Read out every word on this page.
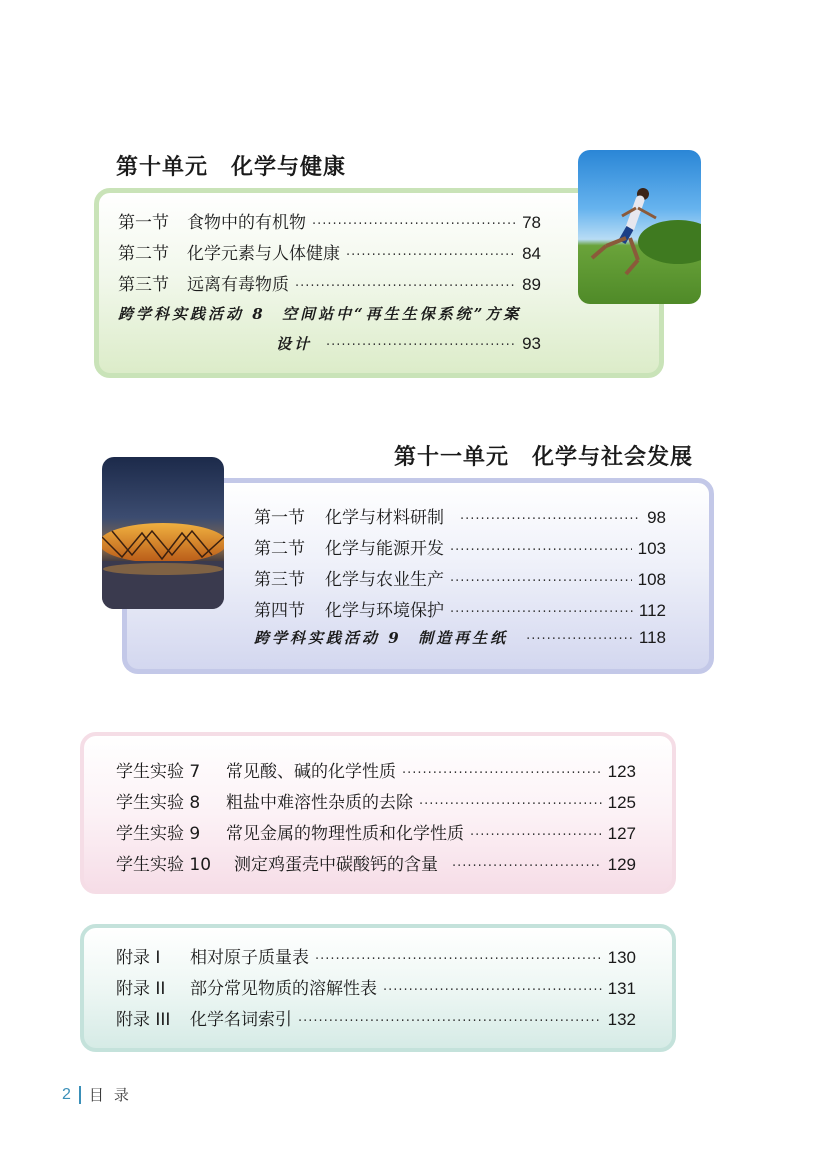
第十单元　化学与健康
第一节 食物中的有机物 ·····	78
第二节 化学元素与人体健康 ·····	84
第三节 远离有毒物质 ·····	89
跨学科实践活动 8  空间站中“再生生保系统”方案
设计 ·····	93
第十一单元　化学与社会发展
第一节 化学与材料研制 ·····	98
第二节 化学与能源开发 ·····	103
第三节 化学与农业生产 ·····	108
第四节 化学与环境保护 ·····	112
跨学科实践活动 9  制造再生纸 ·····	118
学生实验 7	常见酸、碱的化学性质 ·····	123
学生实验 8	粗盐中难溶性杂质的去除 ·····	125
学生实验 9	常见金属的物理性质和化学性质 ·····	127
学生实验 10	测定鸡蛋壳中碳酸钙的含量 ·····	129
附录 I	相对原子质量表 ·····	130
附录 II	部分常见物质的溶解性表 ·····	131
附录 III	化学名词索引 ·····	132
2 目录
